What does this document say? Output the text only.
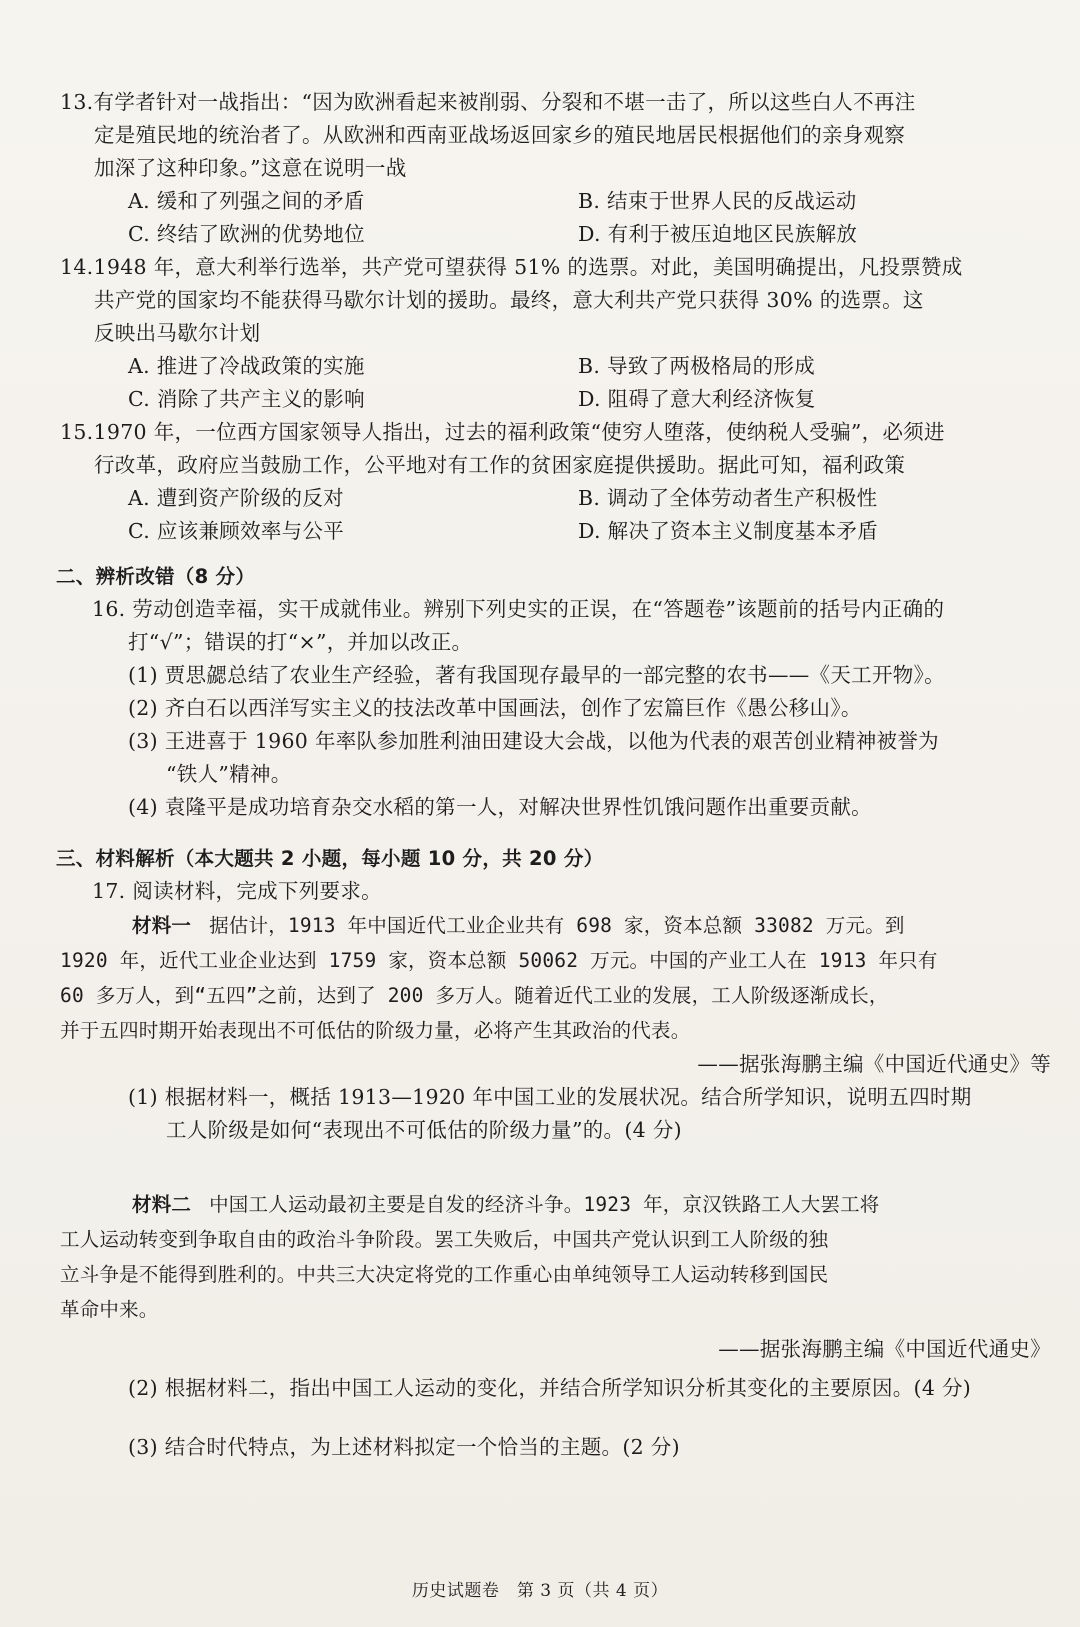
13.有学者针对一战指出：“因为欧洲看起来被削弱、分裂和不堪一击了，所以这些白人不再注
定是殖民地的统治者了。从欧洲和西南亚战场返回家乡的殖民地居民根据他们的亲身观察
加深了这种印象。”这意在说明一战
A. 缓和了列强之间的矛盾	B. 结束于世界人民的反战运动
C. 终结了欧洲的优势地位	D. 有利于被压迫地区民族解放
14.1948 年，意大利举行选举，共产党可望获得 51% 的选票。对此，美国明确提出，凡投票赞成
共产党的国家均不能获得马歇尔计划的援助。最终，意大利共产党只获得 30% 的选票。这
反映出马歇尔计划
A. 推进了冷战政策的实施	B. 导致了两极格局的形成
C. 消除了共产主义的影响	D. 阻碍了意大利经济恢复
15.1970 年，一位西方国家领导人指出，过去的福利政策“使穷人堕落，使纳税人受骗”，必须进
行改革，政府应当鼓励工作，公平地对有工作的贫困家庭提供援助。据此可知，福利政策
A. 遭到资产阶级的反对	B. 调动了全体劳动者生产积极性
C. 应该兼顾效率与公平	D. 解决了资本主义制度基本矛盾
二、辨析改错（8 分）
16. 劳动创造幸福，实干成就伟业。辨别下列史实的正误，在“答题卷”该题前的括号内正确的
打“√”；错误的打“×”，并加以改正。
(1) 贾思勰总结了农业生产经验，著有我国现存最早的一部完整的农书——《天工开物》。
(2) 齐白石以西洋写实主义的技法改革中国画法，创作了宏篇巨作《愚公移山》。
(3) 王进喜于 1960 年率队参加胜利油田建设大会战，以他为代表的艰苦创业精神被誉为
“铁人”精神。
(4) 袁隆平是成功培育杂交水稻的第一人，对解决世界性饥饿问题作出重要贡献。
三、材料解析（本大题共 2 小题，每小题 10 分，共 20 分）
17. 阅读材料，完成下列要求。
材料一 据估计，1913 年中国近代工业企业共有 698 家，资本总额 33082 万元。到
1920 年，近代工业企业达到 1759 家，资本总额 50062 万元。中国的产业工人在 1913 年只有
60 多万人，到“五四”之前，达到了 200 多万人。随着近代工业的发展，工人阶级逐渐成长，
并于五四时期开始表现出不可低估的阶级力量，必将产生其政治的代表。
——据张海鹏主编《中国近代通史》等
(1) 根据材料一，概括 1913—1920 年中国工业的发展状况。结合所学知识，说明五四时期
工人阶级是如何“表现出不可低估的阶级力量”的。(4 分)
材料二 中国工人运动最初主要是自发的经济斗争。1923 年，京汉铁路工人大罢工将
工人运动转变到争取自由的政治斗争阶段。罢工失败后，中国共产党认识到工人阶级的独
立斗争是不能得到胜利的。中共三大决定将党的工作重心由单纯领导工人运动转移到国民
革命中来。
——据张海鹏主编《中国近代通史》
(2) 根据材料二，指出中国工人运动的变化，并结合所学知识分析其变化的主要原因。(4 分)
(3) 结合时代特点，为上述材料拟定一个恰当的主题。(2 分)
历史试题卷　第 3 页（共 4 页）
